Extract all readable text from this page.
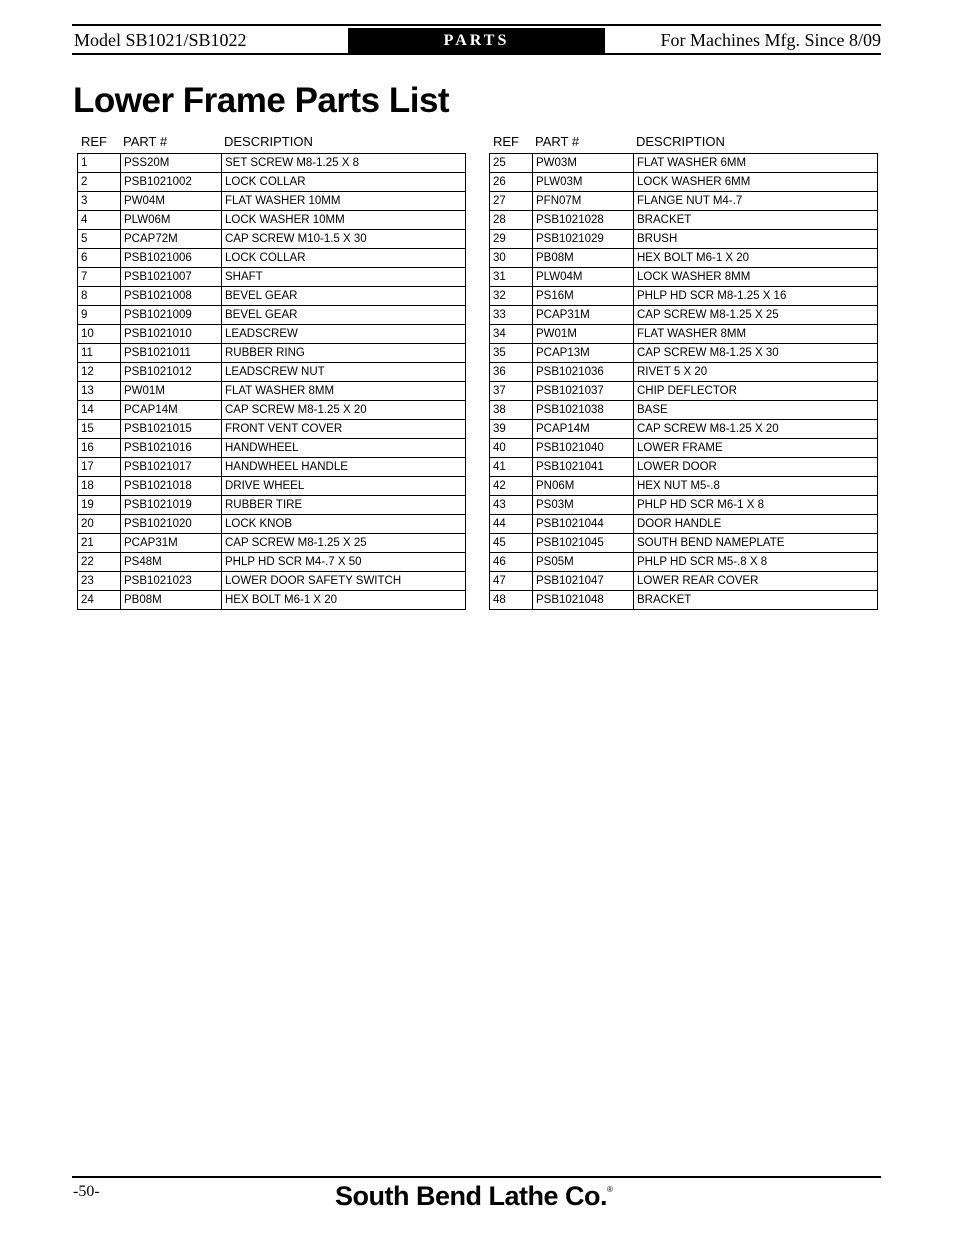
Model SB1021/SB1022	PARTS	For Machines Mfg. Since 8/09
Lower Frame Parts List
REF PART #	DESCRIPTION
1	PSS20M	SET SCREW M8-1.25 X 8
2	PSB1021002	LOCK COLLAR
3	PW04M	FLAT WASHER 10MM
4	PLW06M	LOCK WASHER 10MM
5	PCAP72M	CAP SCREW M10-1.5 X 30
6	PSB1021006	LOCK COLLAR
7	PSB1021007	SHAFT
8	PSB1021008	BEVEL GEAR
9	PSB1021009	BEVEL GEAR
10	PSB1021010	LEADSCREW
11	PSB1021011	RUBBER RING
12	PSB1021012	LEADSCREW NUT
13	PW01M	FLAT WASHER 8MM
14	PCAP14M	CAP SCREW M8-1.25 X 20
15	PSB1021015	FRONT VENT COVER
16	PSB1021016	HANDWHEEL
17	PSB1021017	HANDWHEEL HANDLE
18	PSB1021018	DRIVE WHEEL
19	PSB1021019	RUBBER TIRE
20	PSB1021020	LOCK KNOB
21	PCAP31M	CAP SCREW M8-1.25 X 25
22	PS48M	PHLP HD SCR M4-.7 X 50
23	PSB1021023	LOWER DOOR SAFETY SWITCH
24	PB08M	HEX BOLT M6-1 X 20
REF PART #	DESCRIPTION
25	PW03M	FLAT WASHER 6MM
26	PLW03M	LOCK WASHER 6MM
27	PFN07M	FLANGE NUT M4-.7
28	PSB1021028	BRACKET
29	PSB1021029	BRUSH
30	PB08M	HEX BOLT M6-1 X 20
31	PLW04M	LOCK WASHER 8MM
32	PS16M	PHLP HD SCR M8-1.25 X 16
33	PCAP31M	CAP SCREW M8-1.25 X 25
34	PW01M	FLAT WASHER 8MM
35	PCAP13M	CAP SCREW M8-1.25 X 30
36	PSB1021036	RIVET 5 X 20
37	PSB1021037	CHIP DEFLECTOR
38	PSB1021038	BASE
39	PCAP14M	CAP SCREW M8-1.25 X 20
40	PSB1021040	LOWER FRAME
41	PSB1021041	LOWER DOOR
42	PN06M	HEX NUT M5-.8
43	PS03M	PHLP HD SCR M6-1 X 8
44	PSB1021044	DOOR HANDLE
45	PSB1021045	SOUTH BEND NAMEPLATE
46	PS05M	PHLP HD SCR M5-.8 X 8
47	PSB1021047	LOWER REAR COVER
48	PSB1021048	BRACKET
-50-	South Bend Lathe Co. ®
